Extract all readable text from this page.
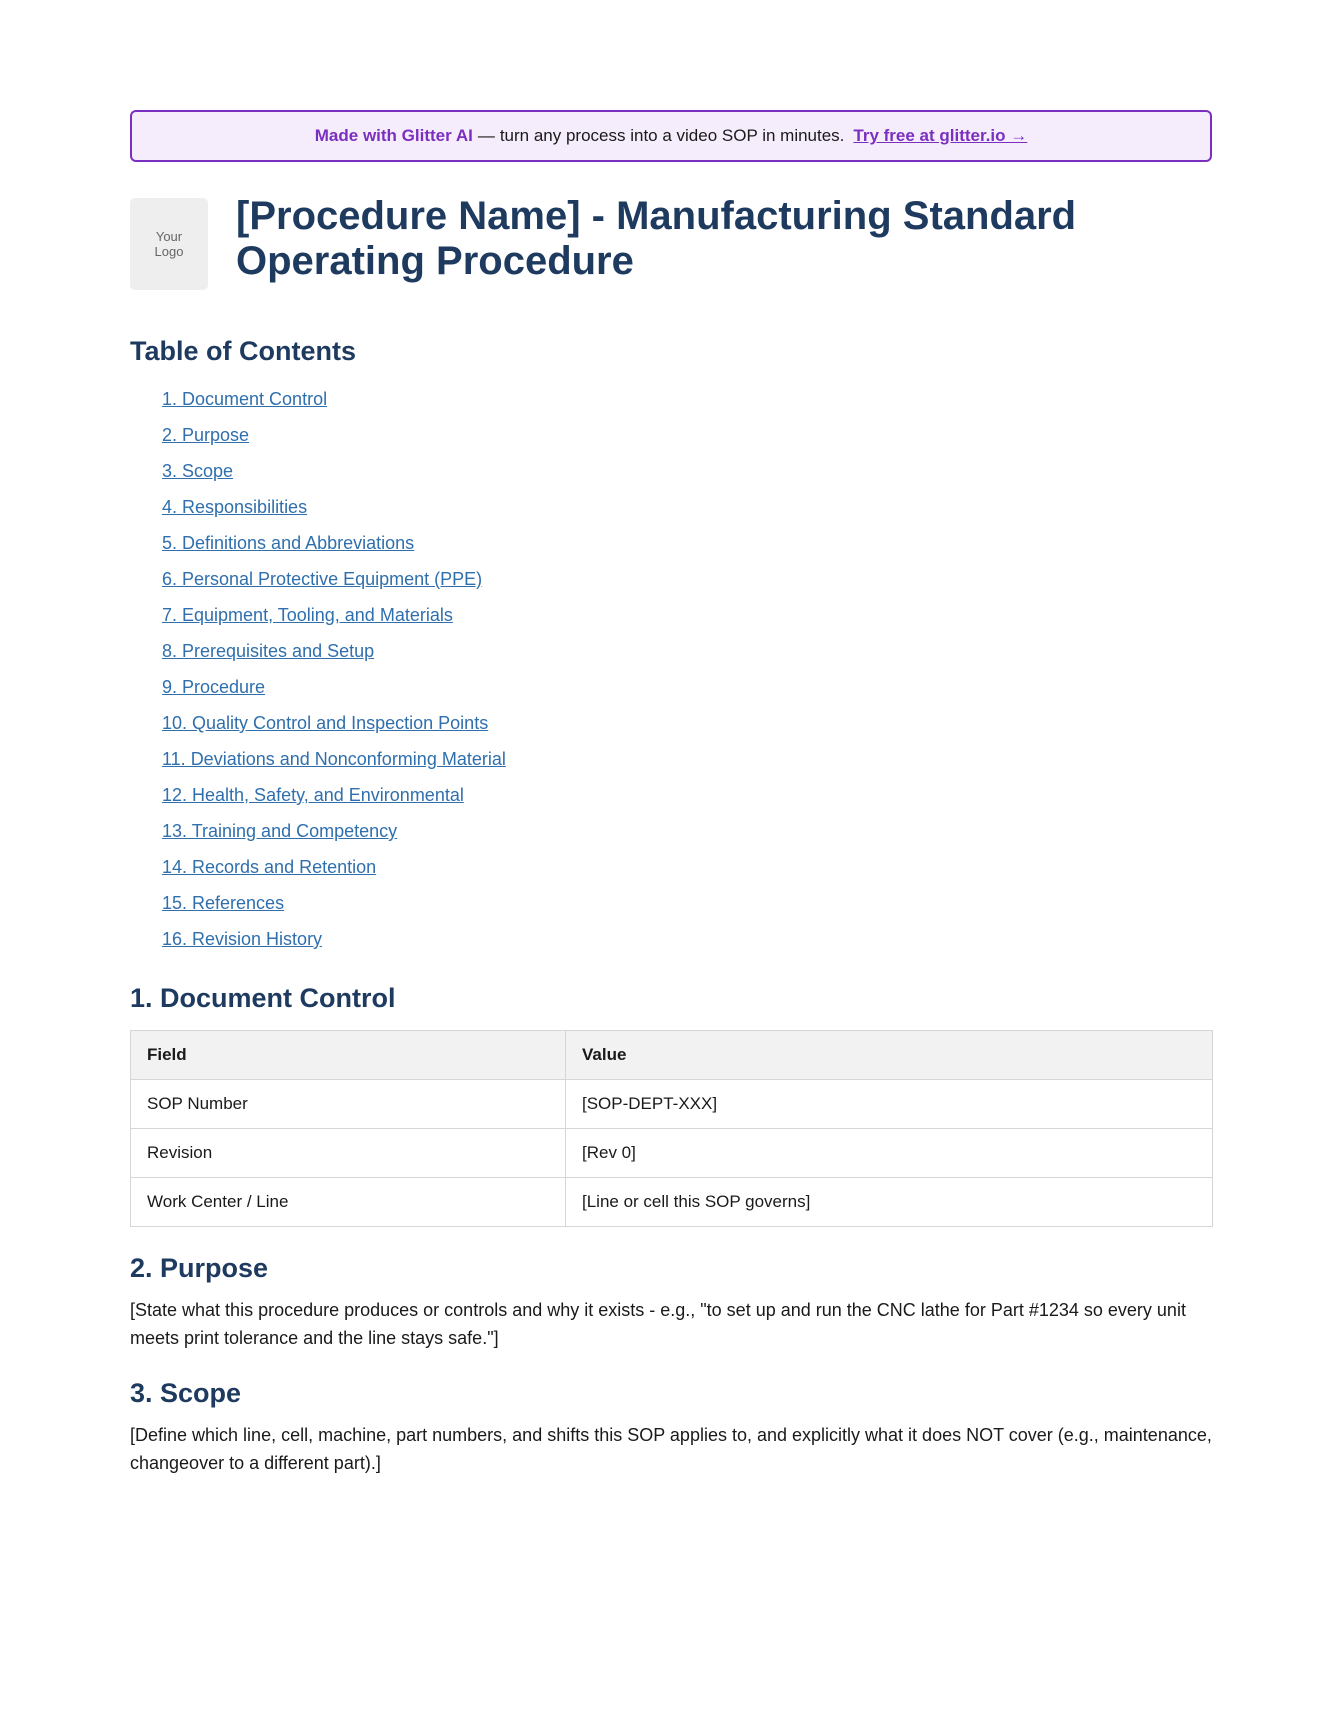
Made with Glitter AI — turn any process into a video SOP in minutes. Try free at glitter.io →
Your
Logo
[Procedure Name] - Manufacturing Standard Operating Procedure
Table of Contents
1. Document Control
2. Purpose
3. Scope
4. Responsibilities
5. Definitions and Abbreviations
6. Personal Protective Equipment (PPE)
7. Equipment, Tooling, and Materials
8. Prerequisites and Setup
9. Procedure
10. Quality Control and Inspection Points
11. Deviations and Nonconforming Material
12. Health, Safety, and Environmental
13. Training and Competency
14. Records and Retention
15. References
16. Revision History
1. Document Control
Field	Value
SOP Number	[SOP-DEPT-XXX]
Revision	[Rev 0]
Work Center / Line	[Line or cell this SOP governs]
2. Purpose

[State what this procedure produces or controls and why it exists - e.g., "to set up and run the CNC lathe for Part #1234 so every unit meets print tolerance and the line stays safe."]

3. Scope

[Define which line, cell, machine, part numbers, and shifts this SOP applies to, and explicitly what it does NOT cover (e.g., maintenance, changeover to a different part).]
